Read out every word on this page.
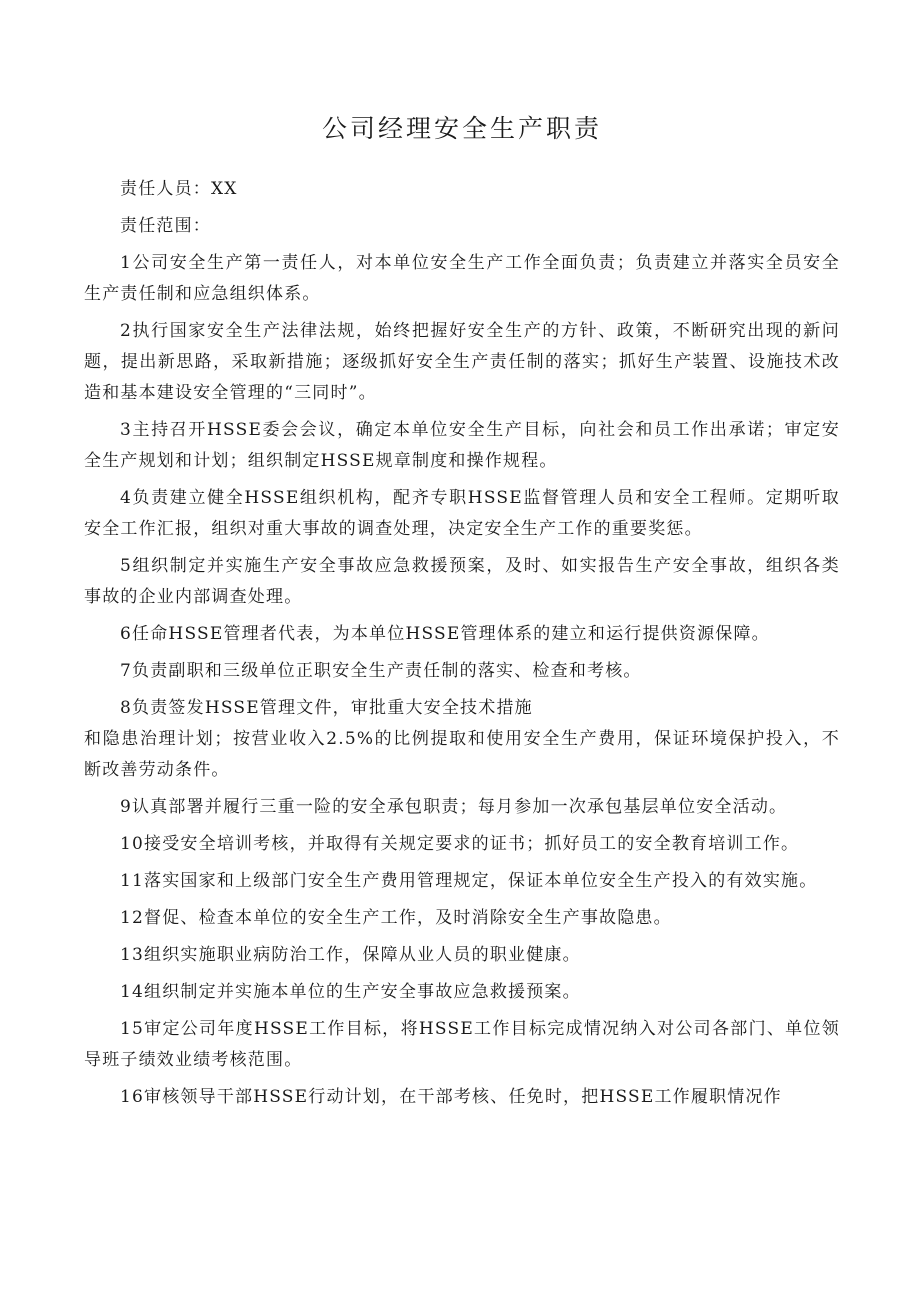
公司经理安全生产职责
责任人员：XX
责任范围：
1公司安全生产第一责任人，对本单位安全生产工作全面负责；负责建立并落实全员安全生产责任制和应急组织体系。
2执行国家安全生产法律法规，始终把握好安全生产的方针、政策，不断研究出现的新问题，提出新思路，采取新措施；逐级抓好安全生产责任制的落实；抓好生产装置、设施技术改造和基本建设安全管理的“三同时”。
3主持召开HSSE委会会议，确定本单位安全生产目标，向社会和员工作出承诺；审定安全生产规划和计划；组织制定HSSE规章制度和操作规程。
4负责建立健全HSSE组织机构，配齐专职HSSE监督管理人员和安全工程师。定期听取安全工作汇报，组织对重大事故的调查处理，决定安全生产工作的重要奖惩。
5组织制定并实施生产安全事故应急救援预案，及时、如实报告生产安全事故，组织各类事故的企业内部调查处理。
6任命HSSE管理者代表，为本单位HSSE管理体系的建立和运行提供资源保障。
7负责副职和三级单位正职安全生产责任制的落实、检查和考核。
8负责签发HSSE管理文件，审批重大安全技术措施
和隐患治理计划；按营业收入2.5%的比例提取和使用安全生产费用，保证环境保护投入，不断改善劳动条件。
9认真部署并履行三重一险的安全承包职责；每月参加一次承包基层单位安全活动。
10接受安全培训考核，并取得有关规定要求的证书；抓好员工的安全教育培训工作。
11落实国家和上级部门安全生产费用管理规定，保证本单位安全生产投入的有效实施。
12督促、检查本单位的安全生产工作，及时消除安全生产事故隐患。
13组织实施职业病防治工作，保障从业人员的职业健康。
14组织制定并实施本单位的生产安全事故应急救援预案。
15审定公司年度HSSE工作目标，将HSSE工作目标完成情况纳入对公司各部门、单位领导班子绩效业绩考核范围。
16审核领导干部HSSE行动计划，在干部考核、任免时，把HSSE工作履职情况作
